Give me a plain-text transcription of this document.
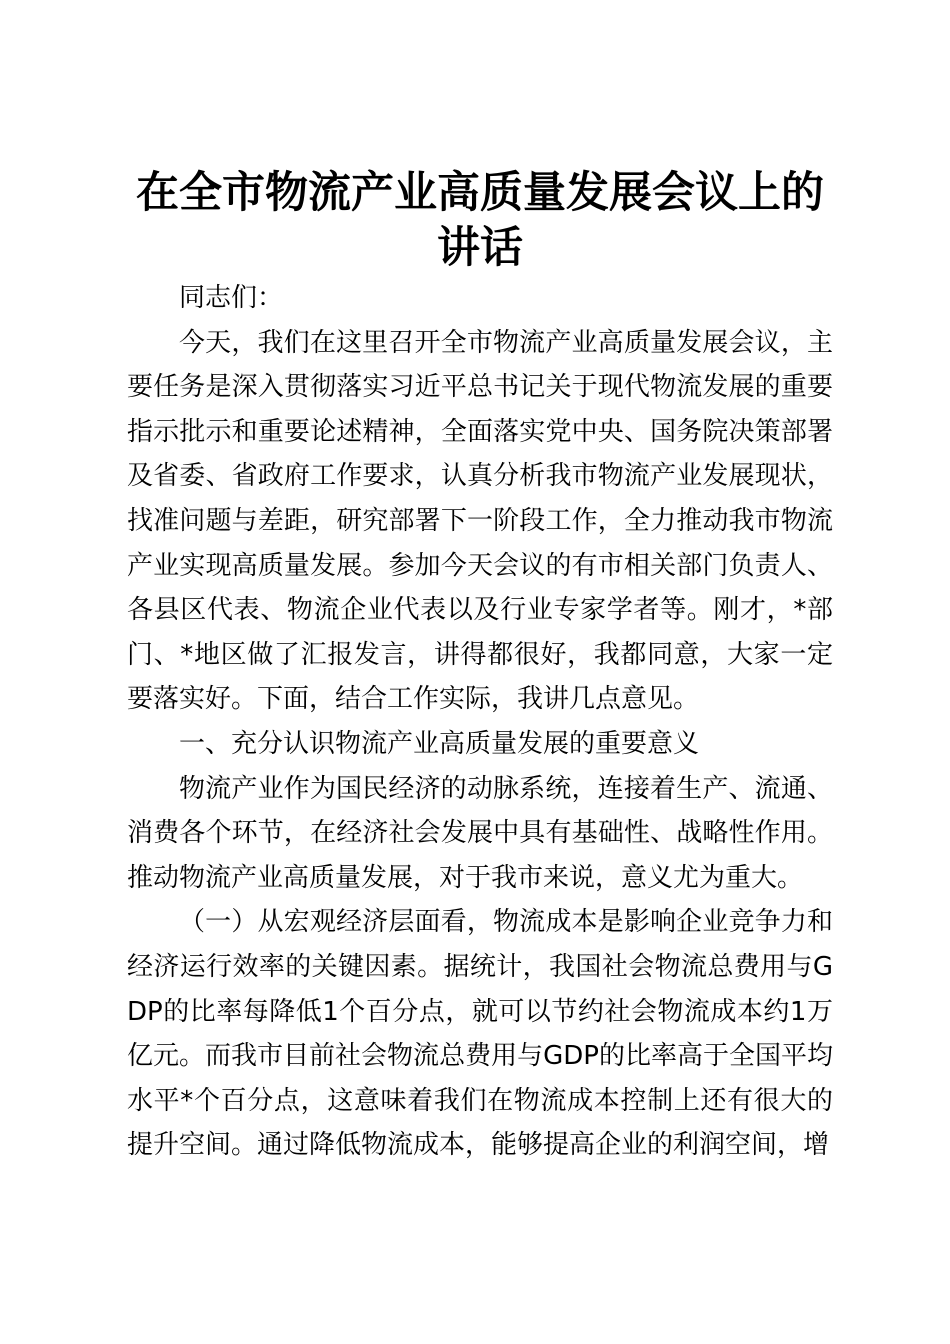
在全市物流产业高质量发展会议上的讲话

同志们：

今天，我们在这里召开全市物流产业高质量发展会议，主要任务是深入贯彻落实习近平总书记关于现代物流发展的重要指示批示和重要论述精神，全面落实党中央、国务院决策部署及省委、省政府工作要求，认真分析我市物流产业发展现状，找准问题与差距，研究部署下一阶段工作，全力推动我市物流产业实现高质量发展。参加今天会议的有市相关部门负责人、各县区代表、物流企业代表以及行业专家学者等。刚才，*部门、*地区做了汇报发言，讲得都很好，我都同意，大家一定要落实好。下面，结合工作实际，我讲几点意见。

一、充分认识物流产业高质量发展的重要意义

物流产业作为国民经济的动脉系统，连接着生产、流通、消费各个环节，在经济社会发展中具有基础性、战略性作用。推动物流产业高质量发展，对于我市来说，意义尤为重大。

（一）从宏观经济层面看，物流成本是影响企业竞争力和经济运行效率的关键因素。据统计，我国社会物流总费用与GDP的比率每降低1个百分点，就可以节约社会物流成本约1万亿元。而我市目前社会物流总费用与GDP的比率高于全国平均水平*个百分点，这意味着我们在物流成本控制上还有很大的提升空间。通过降低物流成本，能够提高企业的利润空间，增
